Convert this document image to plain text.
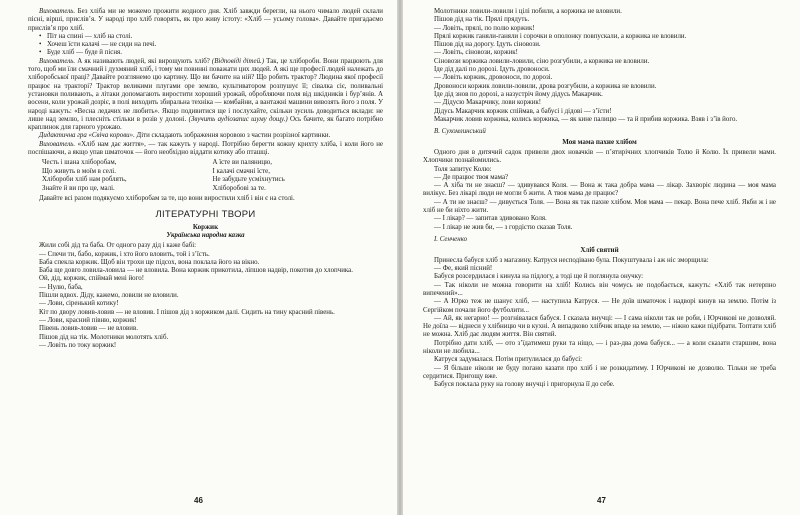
Вихователь. Без хліба ми не можемо прожити жодного дня. Хліб завжди берегли, на нього чимало людей склали пісні, вірші, прислів’я. У народі про хліб говорять, як про живу істоту: «Хліб — усьому голова». Давайте пригадаємо прислів’я про хліб.

• Піт на спині — хліб на столі.
• Хочеш їсти калачі — не сиди на печі.
• Буде хліб — буде й пісня.

Вихователь. А як називають людей, які вирощують хліб? (Відповіді дітей.) Так, це хлібороби. Вони працюють для того, щоб ми їли смачний і духмяний хліб, і тому ми повинні поважати цих людей. А які ще професії людей належать до хліборобської праці? Давайте розглянемо цю картину. Що ви бачите на ній? Що робить трактор? Людина якої професії працює на тракторі? Трактор великими плугами оре землю, культиватором розпушує її; сівалка сіє, поливальні установки поливають, а літаки допомагають виростити хороший урожай, обробляючи поля від шкідників і бур’янів. А восени, коли урожай дозріє, в полі виходить збиральна техніка — комбайни, а вантажні машини вивозять його з поля. У народі кажуть: «Весна ледачих не любить». Якщо подивитися ще і послухайте, скільки зусиль доводиться вклади: не лише над землю, і плесніть стільки в розів у долоні. (Звучить аудіозапис шуму дощу.) Ось бачите, як багато потрібно краплинок для гарного урожаю.

Дидактична гра «Свіча корови». Діти складають зображення коровою з частин розрізної картинки.

Вихователь. «Хліб нам дає життя», — так кажуть у народі. Потрібно берегти кожну крихту хліба, і коли його не поспішаючи, а якщо упав шматочок — його необхідно віддати котику або пташці.

Честь і шана хліборобам,
Що живуть в моїм в селі.
Хлібороби хліб нам роблять,
Знайте й ви про це, малі.
А їсте ви паляницю,
І калачі смачні їсте,
Не забудьте усміхнутись
Хліборобові за те.

Давайте всі разом подякуємо хліборобам за те, що вони виростили хліб і він є на столі.

ЛІТЕРАТУРНІ ТВОРИ
Коржик
Українська народна казка

Жили собі дід та баба. От одного разу дід і каже бабі:

— Спечи ти, бабо, коржик, і хто його вловить, той і з’їсть.

Баба спекла коржик. Щоб він трохи ще підсох, вона поклала його на вікно.

Баба ще довго ловила-ловила — не вловила. Вона коржик прикотила, ліпшов надвір, покотив до хлопчика.

Ой, дід, коржик, спіймай мені його!

— Нулю, баба,

Пішли вдвох. Діду, кажемо, ловили не вловили.

— Лови, сіренький котику!

Кіт по двору ловив-ловив — не вловив. І пішов дід з коржиком далі. Сидить на тину красний півень.

— Лови, красний півню, коржик!

Півень ловив-ловив — не вловив.

Пішов дід на тік. Молотники молотять хліб.

— Ловіть по току коржик!

46

Молотники ловили-ловили і цілі побили, а коржика не вловили.

Пішов дід на тік. Прялі прядуть.

— Ловіть, прялі, по полю коржик!

Прялі коржик ганяли-ганяли і сорочки в ополонку повпускали, а коржика не вловили.

Пішов дід на дорогу. Ідуть сіновози.

— Ловіть, сіновози, коржик!

Сіновози коржика ловили-ловили, сіно розгубили, а коржика не вловили.

Іде дід далі по дорозі. Ідуть дровоноси.

— Ловіть коржик, дровоноси, по дорозі.

Дровоноси коржик ловили-ловили, дрова розгубили, а коржика не вловили.

Іде дід знов по дорозі, а назустріч йому дідусь Макарчик.

— Дідусю Макарчику, лови коржик!

Дідусь Макарчик коржик спіймав, а бабусі і дідові — з’їсти!

Макарчик ловив коржика, колись коржика, — як кине палицю — та й прибив коржика. Взяв і з’їв його.

В. Сухомлинський
Моя мама пахне хлібом

Одного дня в дитячий садок привели двох новачків — п’ятирічних хлопчиків Толю й Колю. Їх привели мами. Хлопчики познайомились.

Толя запитує Колю:

— Де працює твоя мама?

— А хіба ти не знаєш? — здивувався Коля. — Вона ж така добра мама — лікар. Захворіє людина — моя мама вилікує. Без лікарі люди не могли б жити. А твоя мама де працює?

— А ти не знаєш? — дивується Толя. — Вона як так пахне хлібом. Моя мама — пекар. Вона пече хліб. Якби ж і не хліб не би ніхто жити.

— І лікар? — запитав здивовано Коля.

— І лікар не жив би, — з гордістю сказав Толя.

І. Сенченко
Хліб святий

Принесла бабуся хліб з магазину. Катруся несподівано була. Покуштувала і аж ніс зморщила:

— Фе, який пісний!

Бабуся розсердилася і кинула на підлогу, а тоді ще й поглянула онучку:

— Так ніколи не можна говорити на хліб! Колись він чомусь не подобається, кажуть: «Хліб так нетерпно випечений»...

— А Юрко теж не шанує хліб, — наступила Катруся. — Не доїв шматочок і надворі кинув на землю. Потім із Сергійком почали його футболити...

— Ай, як негарно! — розгнівалася бабуся. І сказала внучці: — І сама ніколи так не роби, і Юрчикові не дозволяй. Не доїла — віднеси у хлібницю чи в кухні. А випадково хлібчик впаде на землю, — ніжно кажи підібрати. Топтати хліб не можна. Хліб дає людям життя. Він святий.

Потрібно дати хліб, — ото з’їдатимеш руки та ніщо, — і раз-два дома бабуся... — а коли сказати старшим, вона ніколи не любила...

Катруся задумалася. Потім притулилася до бабусі:

— Я більше ніколи не буду погано казати про хліб і не розкидатиму. І Юрчикові не дозволю. Тільки не треба сердитися. Пригощу вже.

Бабуся поклала руку на голову внучці і пригорнула її до себе.

47
